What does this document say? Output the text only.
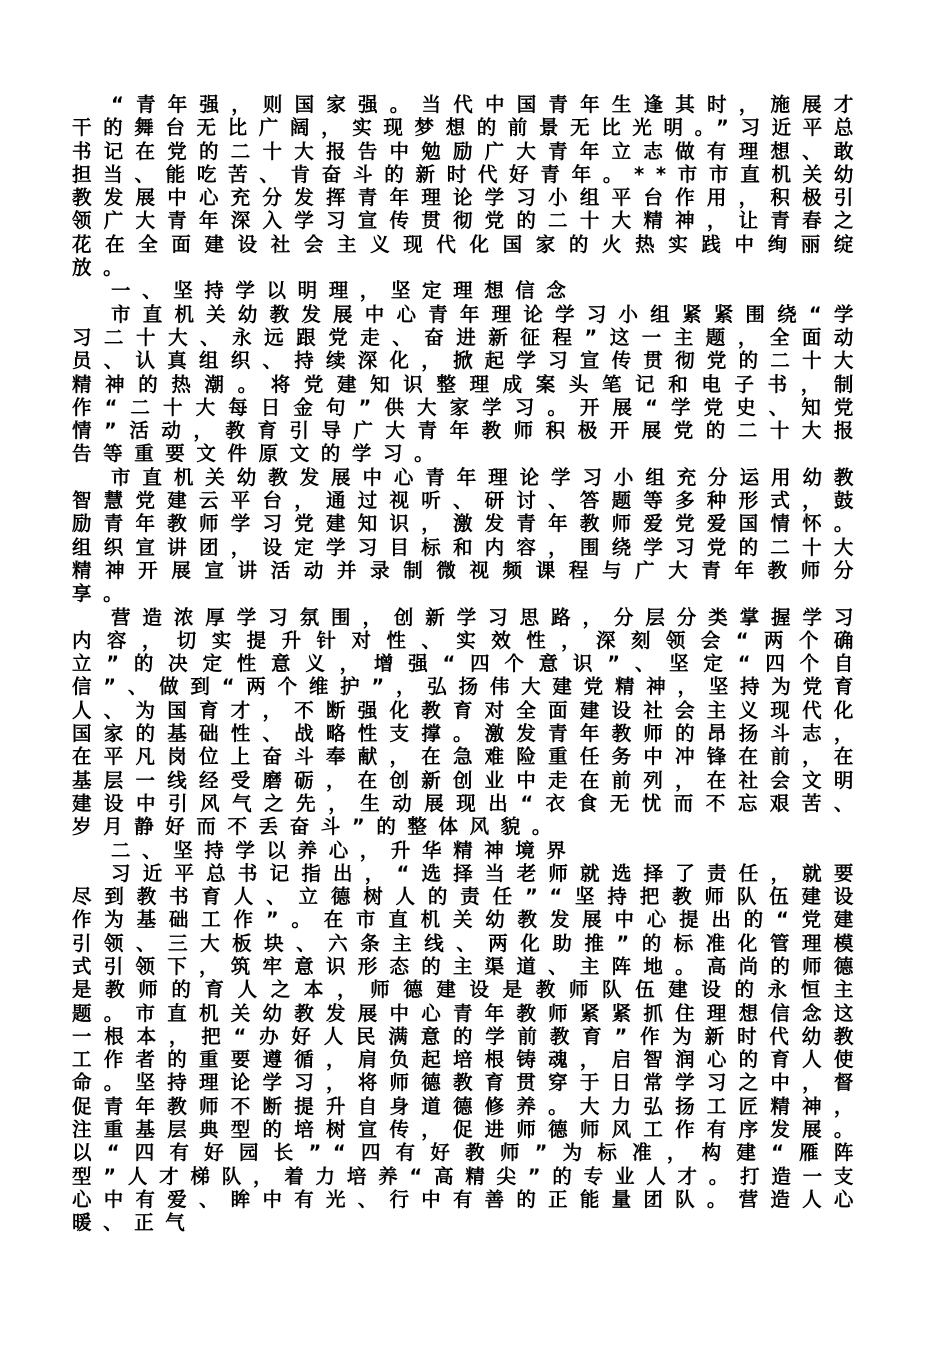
“青年强，则国家强。当代中国青年生逢其时，施展才干的舞台无比广阔，实现梦想的前景无比光明。”习近平总书记在党的二十大报告中勉励广大青年立志做有理想、敢担当、能吃苦、肯奋斗的新时代好青年。**市市直机关幼教发展中心充分发挥青年理论学习小组平台作用，积极引领广大青年深入学习宣传贯彻党的二十大精神，让青春之花在全面建设社会主义现代化国家的火热实践中绚丽绽放。

一、坚持学以明理，坚定理想信念

市直机关幼教发展中心青年理论学习小组紧紧围绕“学习二十大、永远跟党走、奋进新征程”这一主题，全面动员、认真组织、持续深化，掀起学习宣传贯彻党的二十大精神的热潮。将党建知识整理成案头笔记和电子书，制作“二十大每日金句”供大家学习。开展“学党史、知党情”活动，教育引导广大青年教师积极开展党的二十大报告等重要文件原文的学习。

市直机关幼教发展中心青年理论学习小组充分运用幼教智慧党建云平台，通过视听、研讨、答题等多种形式，鼓励青年教师学习党建知识，激发青年教师爱党爱国情怀。组织宣讲团，设定学习目标和内容，围绕学习党的二十大精神开展宣讲活动并录制微视频课程与广大青年教师分享。

营造浓厚学习氛围，创新学习思路，分层分类掌握学习内容，切实提升针对性、实效性，深刻领会“两个确立”的决定性意义，增强“四个意识”、坚定“四个自信”、做到“两个维护”，弘扬伟大建党精神，坚持为党育人、为国育才，不断强化教育对全面建设社会主义现代化国家的基础性、战略性支撑。激发青年教师的昂扬斗志，在平凡岗位上奋斗奉献，在急难险重任务中冲锋在前，在基层一线经受磨砺，在创新创业中走在前列，在社会文明建设中引风气之先，生动展现出“衣食无忧而不忘艰苦、岁月静好而不丢奋斗”的整体风貌。

二、坚持学以养心，升华精神境界

习近平总书记指出，“选择当老师就选择了责任，就要尽到教书育人、立德树人的责任”“坚持把教师队伍建设作为基础工作”。在市直机关幼教发展中心提出的“党建引领、三大板块、六条主线、两化助推”的标准化管理模式引领下，筑牢意识形态的主渠道、主阵地。高尚的师德是教师的育人之本，师德建设是教师队伍建设的永恒主题。市直机关幼教发展中心青年教师紧紧抓住理想信念这一根本，把“办好人民满意的学前教育”作为新时代幼教工作者的重要遵循，肩负起培根铸魂，启智润心的育人使命。坚持理论学习，将师德教育贯穿于日常学习之中，督促青年教师不断提升自身道德修养。大力弘扬工匠精神，注重基层典型的培树宣传，促进师德师风工作有序发展。以“四有好园长”“四有好教师”为标准，构建“雁阵型”人才梯队，着力培养“高精尖”的专业人才。打造一支心中有爱、眸中有光、行中有善的正能量团队。营造人心暖、正气
